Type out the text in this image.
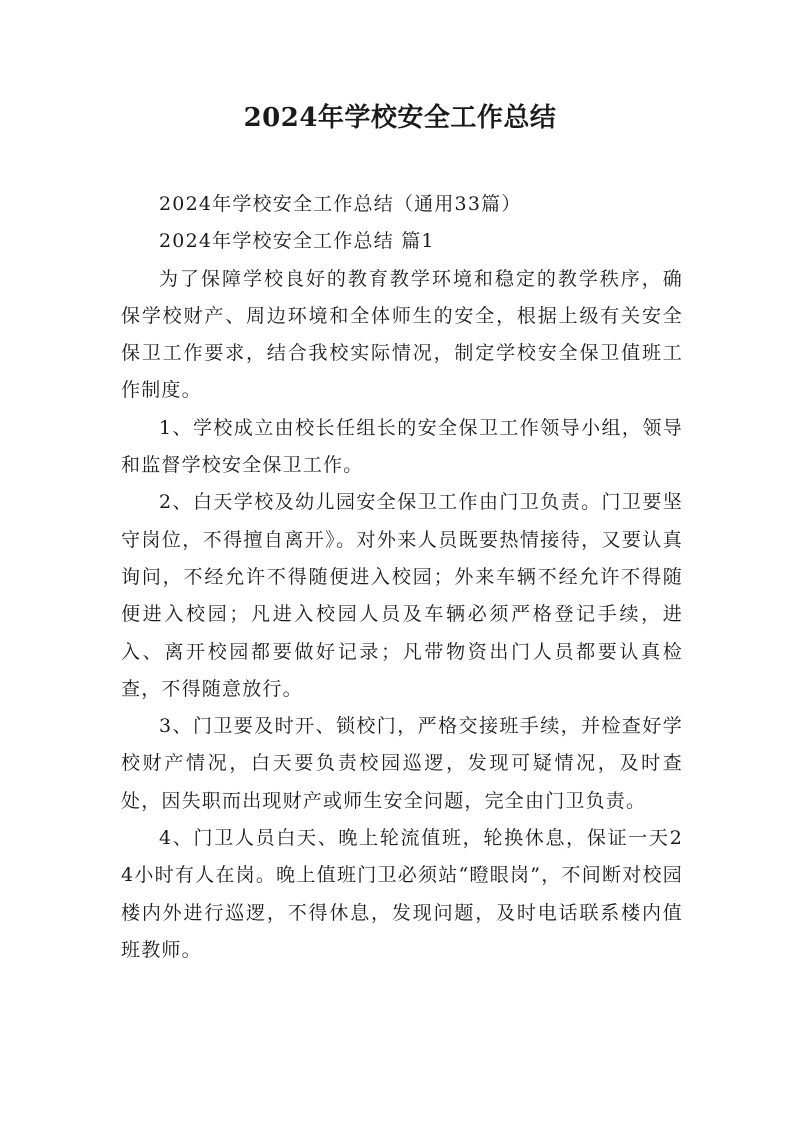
2024年学校安全工作总结

2024年学校安全工作总结（通用33篇）

2024年学校安全工作总结 篇1

为了保障学校良好的教育教学环境和稳定的教学秩序，确保学校财产、周边环境和全体师生的安全，根据上级有关安全保卫工作要求，结合我校实际情况，制定学校安全保卫值班工作制度。

1、学校成立由校长任组长的安全保卫工作领导小组，领导和监督学校安全保卫工作。

2、白天学校及幼儿园安全保卫工作由门卫负责。门卫要坚守岗位，不得擅自离开》。对外来人员既要热情接待，又要认真询问，不经允许不得随便进入校园；外来车辆不经允许不得随便进入校园；凡进入校园人员及车辆必须严格登记手续，进入、离开校园都要做好记录；凡带物资出门人员都要认真检查，不得随意放行。

3、门卫要及时开、锁校门，严格交接班手续，并检查好学校财产情况，白天要负责校园巡逻，发现可疑情况，及时查处，因失职而出现财产或师生安全问题，完全由门卫负责。

4、门卫人员白天、晚上轮流值班，轮换休息，保证一天24小时有人在岗。晚上值班门卫必须站“瞪眼岗”，不间断对校园楼内外进行巡逻，不得休息，发现问题，及时电话联系楼内值班教师。
